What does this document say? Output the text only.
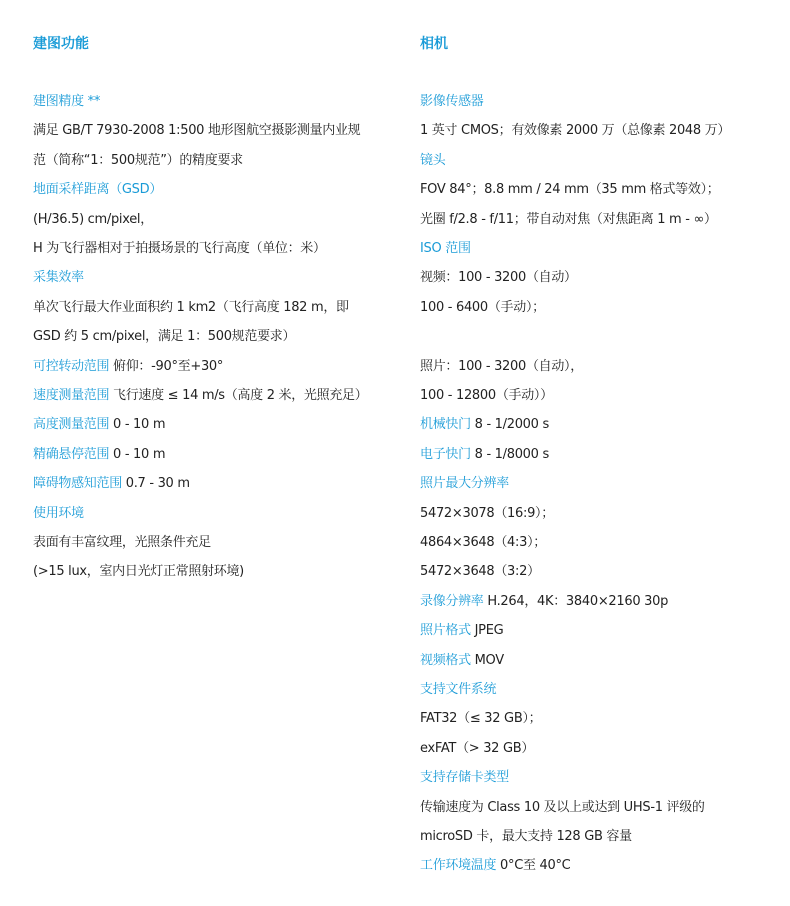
建图功能
建图精度 **
满足 GB/T 7930-2008 1:500 地形图航空摄影测量内业规
范（简称“1：500规范”）的精度要求
地面采样距离（GSD）
(H/36.5) cm/pixel，
H 为飞行器相对于拍摄场景的飞行高度（单位：米）
采集效率
单次飞行最大作业面积约 1 km2（飞行高度 182 m，即
GSD 约 5 cm/pixel，满足 1：500规范要求）
可控转动范围 俯仰：-90°至+30°
速度测量范围 飞行速度 ≤ 14 m/s（高度 2 米，光照充足）
高度测量范围 0 - 10 m
精确悬停范围 0 - 10 m
障碍物感知范围 0.7 - 30 m
使用环境
表面有丰富纹理，光照条件充足
(>15 lux，室内日光灯正常照射环境)
相机
影像传感器
1 英寸 CMOS；有效像素 2000 万（总像素 2048 万）
镜头
FOV 84°；8.8 mm / 24 mm（35 mm 格式等效）；
光圈 f/2.8 - f/11；带自动对焦（对焦距离 1 m - ∞）
ISO 范围
视频：100 - 3200（自动）
100 - 6400（手动）；
照片：100 - 3200（自动），
100 - 12800（手动））
机械快门 8 - 1/2000 s
电子快门 8 - 1/8000 s
照片最大分辨率
5472×3078（16:9）；
4864×3648（4:3）；
5472×3648（3:2）
录像分辨率 H.264，4K：3840×2160 30p
照片格式 JPEG
视频格式 MOV
支持文件系统
FAT32（≤ 32 GB）；
exFAT（> 32 GB）
支持存储卡类型
传输速度为 Class 10 及以上或达到 UHS-1 评级的
microSD 卡，最大支持 128 GB 容量
工作环境温度 0°C至 40°C
